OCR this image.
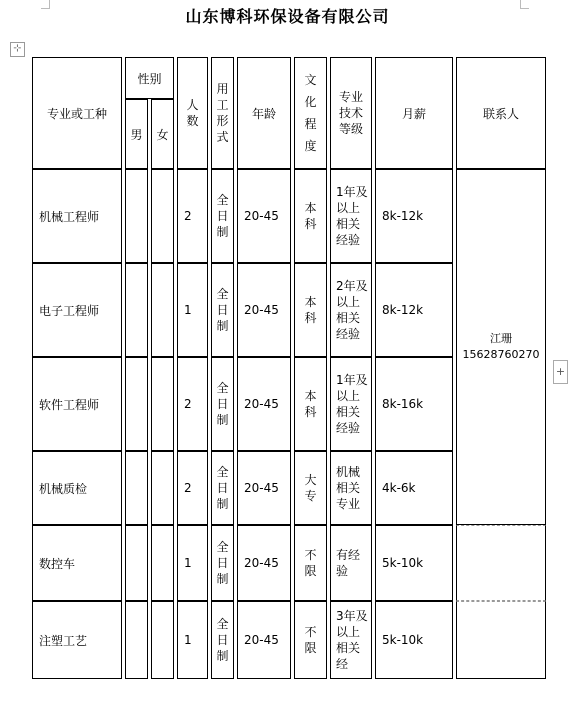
山东博科环保设备有限公司
⊹
+
专业或工种	性别		人数	用工形式	年龄	文化程度	专业技术等级	月薪	联系人
	男	女							
机械工程师			2	全日制	20-45	本科	1年及以上相关经验	8k-12k	江珊
15628760270

电子工程师			1	全日制	20-45	本科	2年及以上相关经验	8k-12k	
软件工程师			2	全日制	20-45	本科	1年及以上相关经验	8k-16k	
机械质检			2	全日制	20-45	大专	机械相关专业	4k-6k	
数控车			1	全日制	20-45	不限	有经验	5k-10k	
注塑工艺			1	全日制	20-45	不限	3年及以上相关经	5k-10k	
